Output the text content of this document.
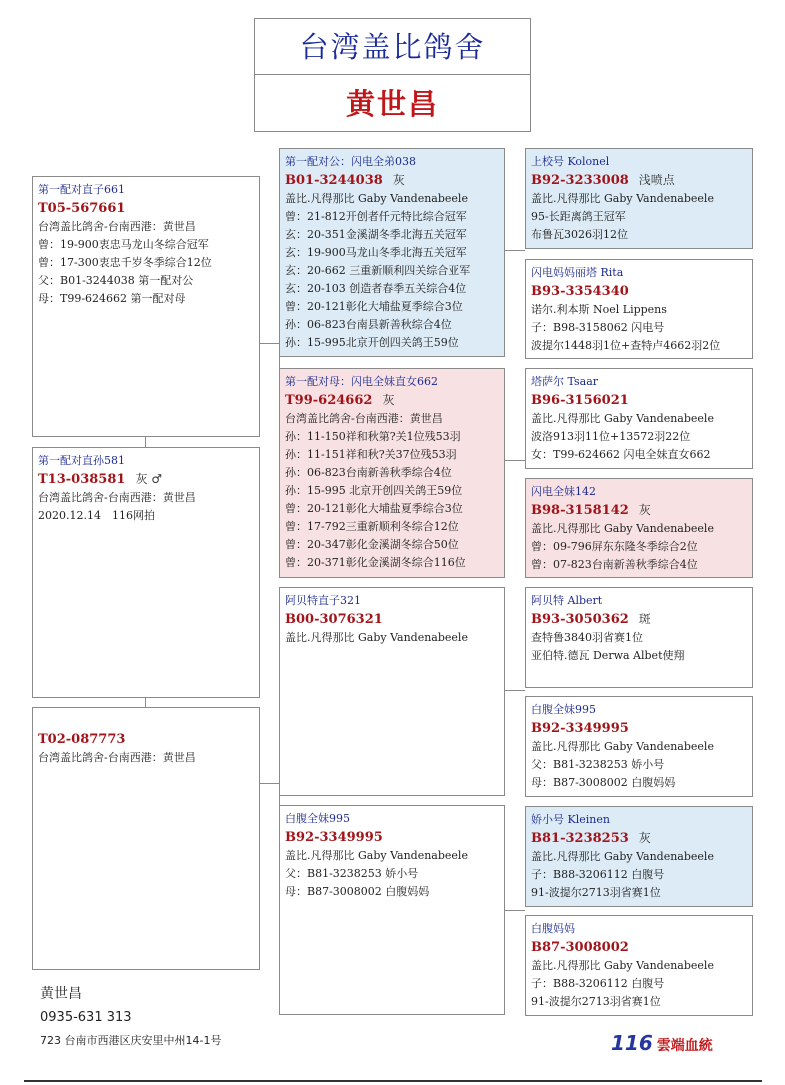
台湾盖比鸽舍
黄世昌
第一配对直子661
T05-567661
台湾盖比鸽舍-台南西港：黄世昌
曾：19-900衷忠马龙山冬综合冠军
曾：17-300衷忠千岁冬季综合12位
父：B01-3244038 第一配对公
母：T99-624662 第一配对母
第一配对直孙581
T13-038581 灰 ♂
台湾盖比鸽舍-台南西港：黄世昌
2020.12.14　116网拍
T02-087773
台湾盖比鸽舍-台南西港：黄世昌
第一配对公：闪电全弟038
B01-3244038 灰
盖比.凡得那比 Gaby Vandenabeele
曾：21-812开创者仟元特比综合冠军
玄：20-351金溪湖冬季北海五关冠军
玄：19-900马龙山冬季北海五关冠军
玄：20-662 三重新顺利四关综合亚军
玄：20-103 创造者春季五关综合4位
曾：20-121彰化大埔盐夏季综合3位
孙：06-823台南县新善秋综合4位
孙：15-995北京开创四关鸽王59位
第一配对母：闪电全妹直女662
T99-624662 灰
台湾盖比鸽舍-台南西港：黄世昌
孙：11-150祥和秋第?关1位残53羽
孙：11-151祥和秋?关37位残53羽
孙：06-823台南新善秋季综合4位
孙：15-995 北京开创四关鸽王59位
曾：20-121彰化大埔盐夏季综合3位
曾：17-792三重新顺利冬综合12位
曾：20-347彰化金溪湖冬综合50位
曾：20-371彰化金溪湖冬综合116位
阿贝特直子321
B00-3076321
盖比.凡得那比 Gaby Vandenabeele
白腹全妹995
B92-3349995
盖比.凡得那比 Gaby Vandenabeele
父：B81-3238253 娇小号
母：B87-3008002 白腹妈妈
上校号 Kolonel
B92-3233008 浅喷点
盖比.凡得那比 Gaby Vandenabeele
95-长距离鸽王冠军
布鲁瓦3026羽12位
闪电妈妈丽塔 Rita
B93-3354340
诺尔.利本斯 Noel Lippens
子：B98-3158062 闪电号
波提尔1448羽1位+查特卢4662羽2位
塔萨尔 Tsaar
B96-3156021
盖比.凡得那比 Gaby Vandenabeele
波洛913羽11位+13572羽22位
女：T99-624662 闪电全妹直女662
闪电全妹142
B98-3158142 灰
盖比.凡得那比 Gaby Vandenabeele
曾：09-796屏东东隆冬季综合2位
曾：07-823台南新善秋季综合4位
阿贝特 Albert
B93-3050362 斑
查特鲁3840羽省赛1位
亚伯特.德瓦 Derwa Albet使翔
白腹全妹995
B92-3349995
盖比.凡得那比 Gaby Vandenabeele
父：B81-3238253 娇小号
母：B87-3008002 白腹妈妈
娇小号 Kleinen
B81-3238253 灰
盖比.凡得那比 Gaby Vandenabeele
子：B88-3206112 白腹号
91-波提尔2713羽省赛1位
白腹妈妈
B87-3008002
盖比.凡得那比 Gaby Vandenabeele
子：B88-3206112 白腹号
91-波提尔2713羽省赛1位
黄世昌
0935-631 313
723 台南市西港区庆安里中州14-1号	116 雲端血統
